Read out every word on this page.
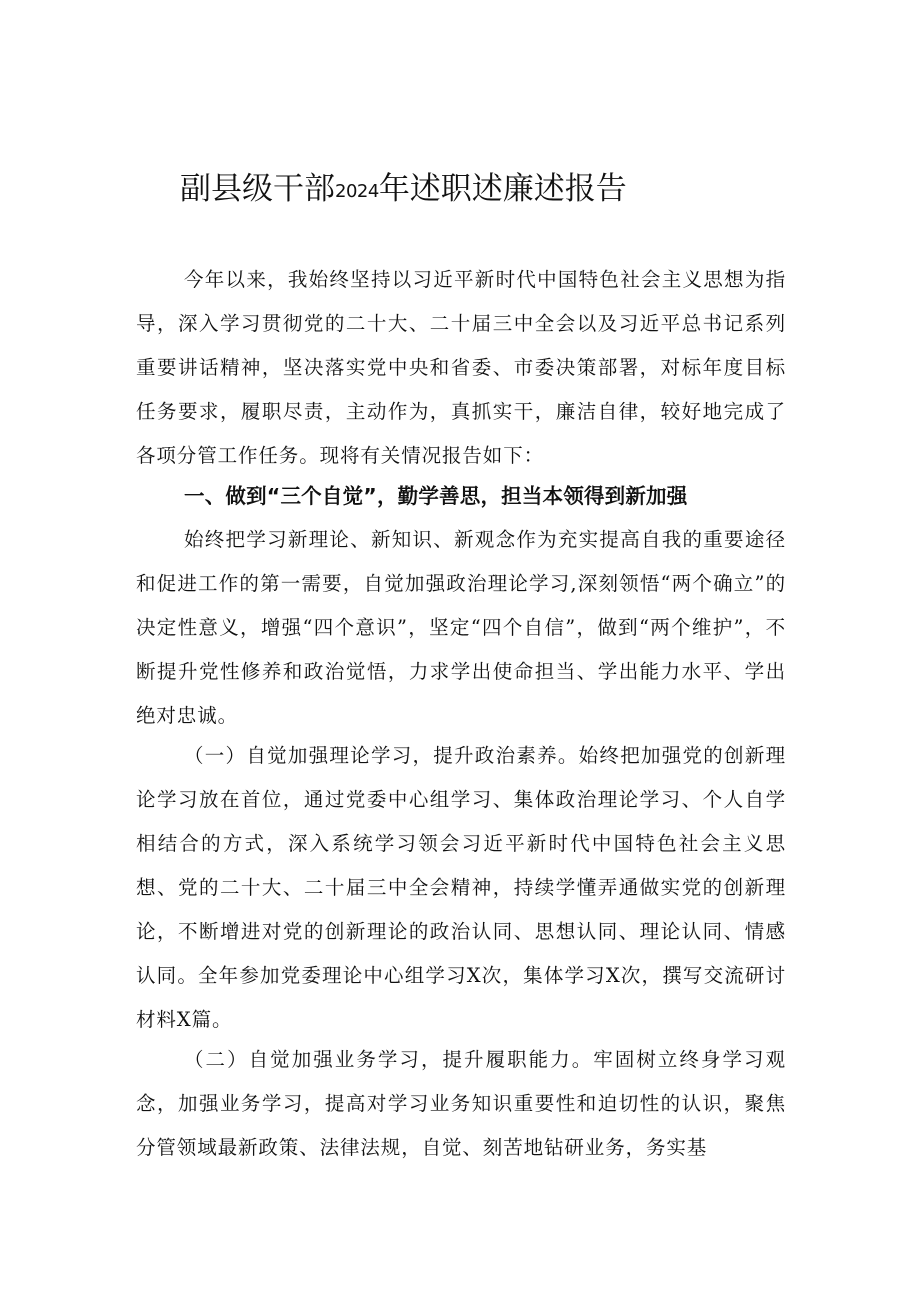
副县级干部2024年述职述廉述报告

今年以来，我始终坚持以习近平新时代中国特色社会主义思想为指导，深入学习贯彻党的二十大、二十届三中全会以及习近平总书记系列重要讲话精神，坚决落实党中央和省委、市委决策部署，对标年度目标任务要求，履职尽责，主动作为，真抓实干，廉洁自律，较好地完成了各项分管工作任务。现将有关情况报告如下：

一、做到“三个自觉”，勤学善思，担当本领得到新加强

始终把学习新理论、新知识、新观念作为充实提高自我的重要途径和促进工作的第一需要，自觉加强政治理论学习,深刻领悟“两个确立”的决定性意义，增强“四个意识”，坚定“四个自信”，做到“两个维护”，不断提升党性修养和政治觉悟，力求学出使命担当、学出能力水平、学出绝对忠诚。

（一）自觉加强理论学习，提升政治素养。始终把加强党的创新理论学习放在首位，通过党委中心组学习、集体政治理论学习、个人自学相结合的方式，深入系统学习领会习近平新时代中国特色社会主义思想、党的二十大、二十届三中全会精神，持续学懂弄通做实党的创新理论，不断增进对党的创新理论的政治认同、思想认同、理论认同、情感认同。全年参加党委理论中心组学习X次，集体学习X次，撰写交流研讨材料X篇。

（二）自觉加强业务学习，提升履职能力。牢固树立终身学习观念，加强业务学习，提高对学习业务知识重要性和迫切性的认识，聚焦分管领域最新政策、法律法规，自觉、刻苦地钻研业务，务实基
